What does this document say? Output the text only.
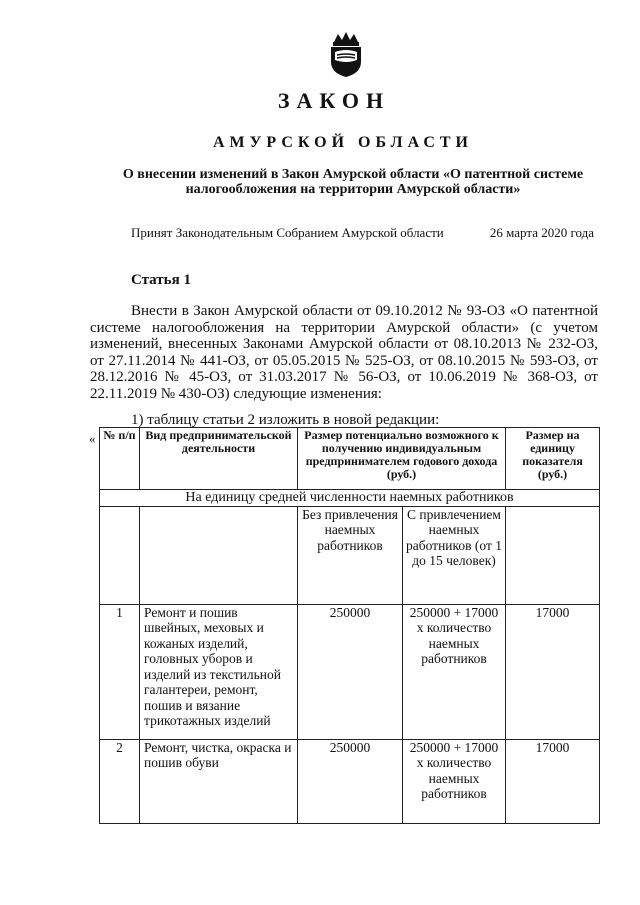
ЗАКОН
АМУРСКОЙ ОБЛАСТИ
О внесении изменений в Закон Амурской области «О патентной системе налогообложения на территории Амурской области»
Принят Законодательным Собранием Амурской области	26 марта 2020 года
Статья 1
Внести в Закон Амурской области от 09.10.2012 № 93-ОЗ «О патентной системе налогообложения на территории Амурской области» (с учетом изменений, внесенных Законами Амурской области от 08.10.2013 № 232-ОЗ, от 27.11.2014 № 441-ОЗ, от 05.05.2015 № 525-ОЗ, от 08.10.2015 № 593-ОЗ, от 28.12.2016 № 45-ОЗ, от 31.03.2017 № 56-ОЗ, от 10.06.2019 № 368-ОЗ, от 22.11.2019 № 430-ОЗ) следующие изменения:
1) таблицу статьи 2 изложить в новой редакции:
« № п/п	Вид предпринимательской деятельности	Размер потенциально возможного к получению индивидуальным предпринимателем годового дохода (руб.)		Размер на единицу показателя (руб.)
На единицу средней численности наемных работников				
		Без привлечения наемных работников	С привлечением наемных работников (от 1 до 15 человек)	
1	Ремонт и пошив швейных, меховых и кожаных изделий, головных уборов и изделий из текстильной галантереи, ремонт, пошив и вязание трикотажных изделий	250000	250000 + 17000 х количество наемных работников	17000
2	Ремонт, чистка, окраска и пошив обуви	250000	250000 + 17000 х количество наемных работников	17000
